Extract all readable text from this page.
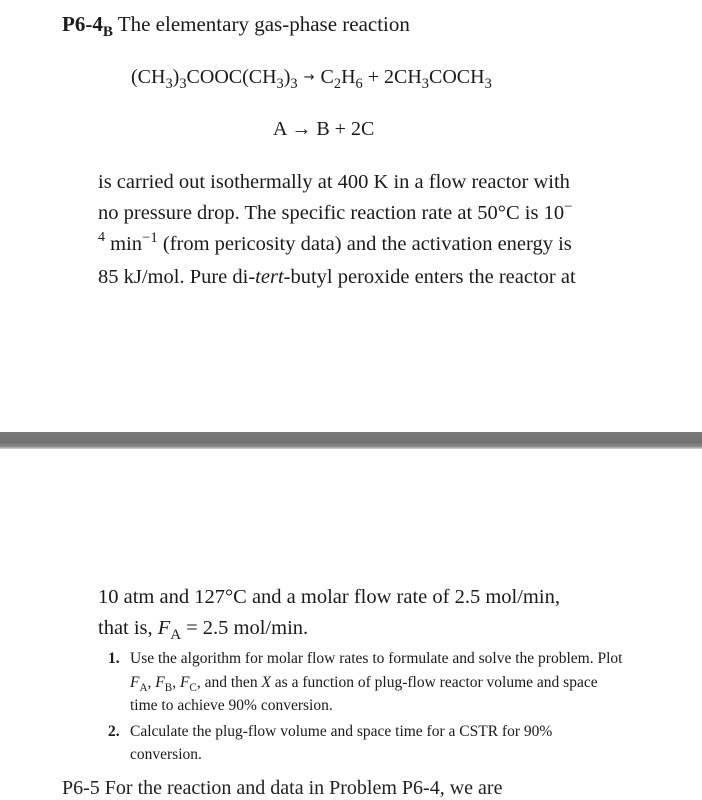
$P6-4_B$ The elementary gas-phase reaction
$(CH_3)_3COOC(CH_3)_3 \to C_2H_6$ + $2CH_3COCH_3$
A → B + 2C
is carried out isothermally at 400 K in a flow reactor with
no pressure drop. The specific reaction rate at 50°C is 10−
$^4$ $\min^{-1}$ (from pericosity data) and the activation energy is
85 kJ/mol. Pure di-tert-butyl peroxide enters the reactor at
10 atm and 127°C and a molar flow rate of 2.5 mol/min,
that is, $F_A = 2.5$ mol/min.
1. Use the algorithm for molar flow rates to formulate and solve the problem. Plot $F_A$, $F_B$, $F_C$, and then X as a function of plug-flow reactor volume and space time to achieve 90% conversion.
2. Calculate the plug-flow volume and space time for a CSTR for 90% conversion.
P6-5 For the reaction and data in Problem P6-4, we are
